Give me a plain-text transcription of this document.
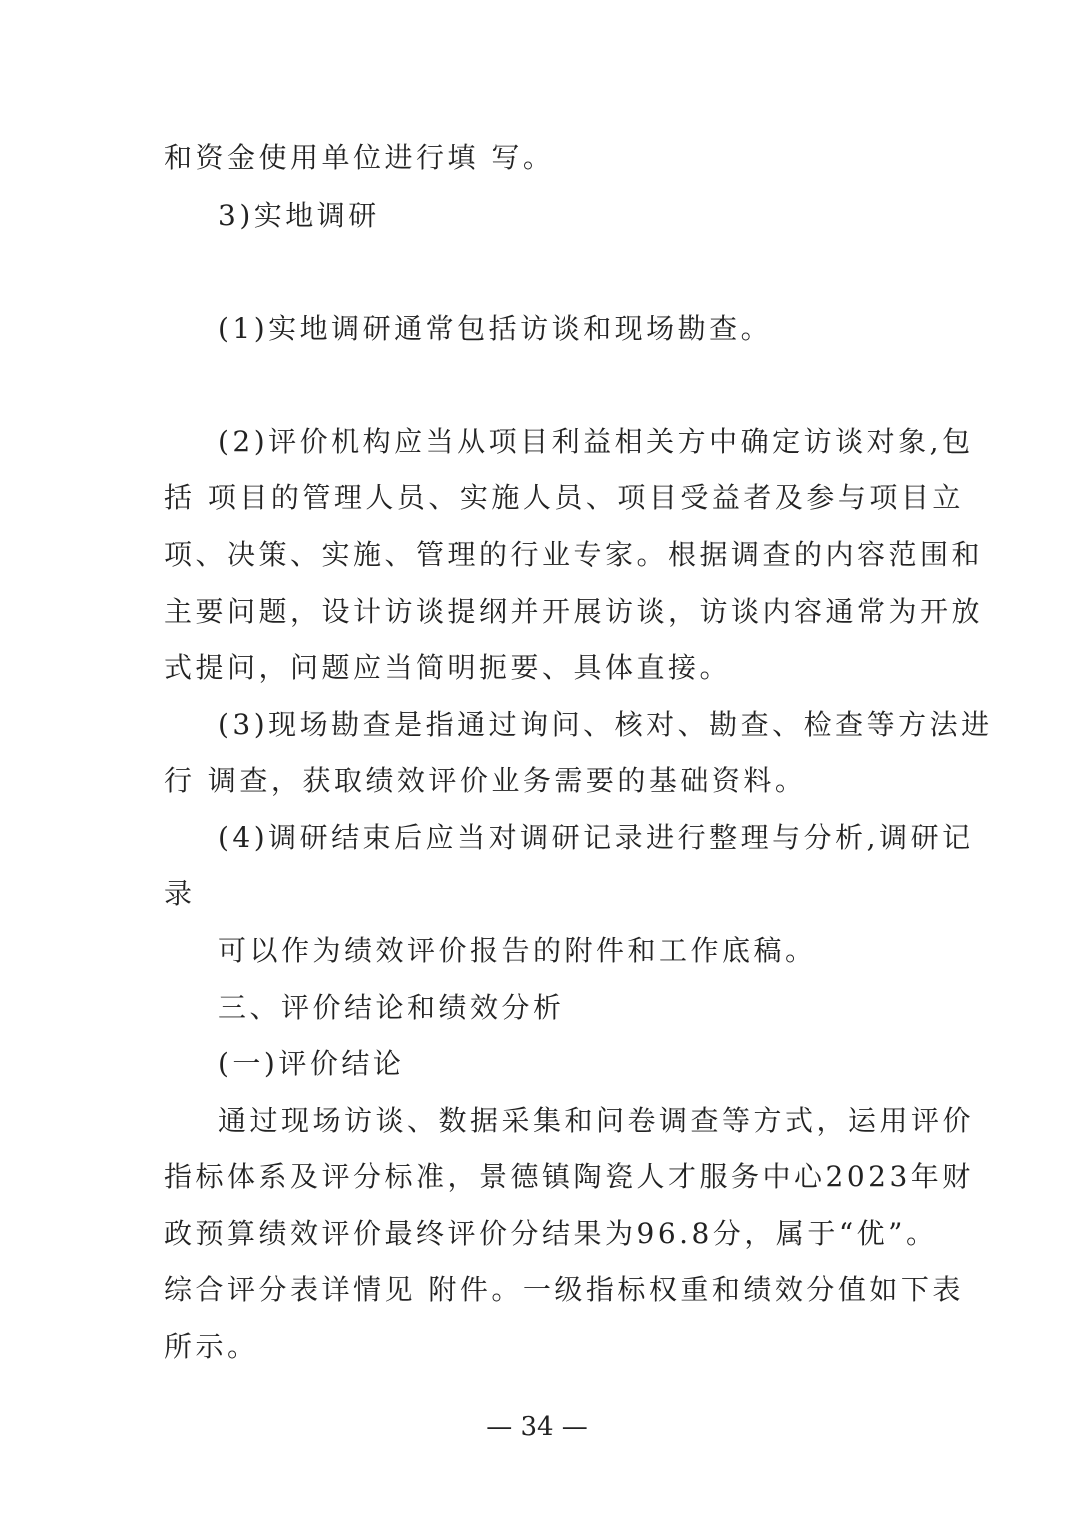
和资金使用单位进行填 写。

3)实地调研

(1)实地调研通常包括访谈和现场勘查。

(2)评价机构应当从项目利益相关方中确定访谈对象,包

括 项目的管理人员、实施人员、项目受益者及参与项目立

项、决策、实施、管理的行业专家。根据调查的内容范围和

主要问题，设计访谈提纲并开展访谈，访谈内容通常为开放

式提问，问题应当简明扼要、具体直接。

(3)现场勘查是指通过询问、核对、勘查、检查等方法进

行 调查，获取绩效评价业务需要的基础资料。

(4)调研结束后应当对调研记录进行整理与分析,调研记

录

可以作为绩效评价报告的附件和工作底稿。

三、评价结论和绩效分析

(一)评价结论

通过现场访谈、数据采集和问卷调查等方式，运用评价

指标体系及评分标准，景德镇陶瓷人才服务中心2023年财

政预算绩效评价最终评价分结果为96.8分，属于“优”。

综合评分表详情见 附件。一级指标权重和绩效分值如下表

所示。

— 34 —
